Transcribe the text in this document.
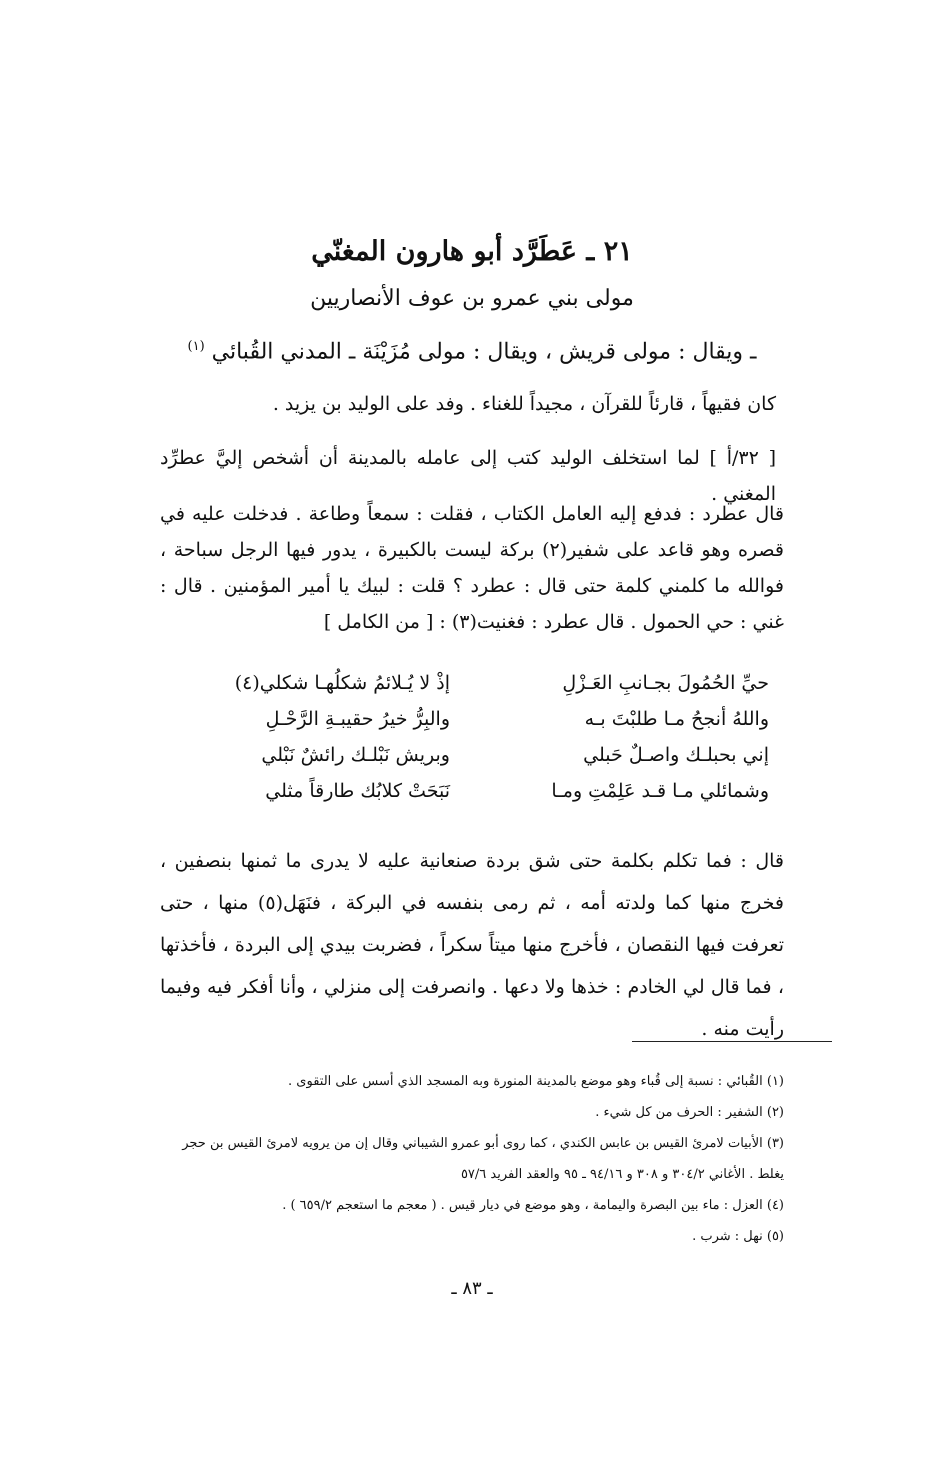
٢١ ـ عَطَرَّد أبو هارون المغنّي
مولى بني عمرو بن عوف الأنصاريين
ـ ويقال : مولى قريش ، ويقال : مولى مُزَيْنَة ـ المدني القُبائي $^{(١)}$
كان فقيهاً ، قارئاً للقرآن ، مجيداً للغناء . وفد على الوليد بن يزيد .
[ ٣٢/أ ] لما استخلف الوليد كتب إلى عامله بالمدينة أن أشخص إليَّ عطرِّد المغني .
قال عطرد : فدفع إليه العامل الكتاب ، فقلت : سمعاً وطاعة . فدخلت عليه في قصره وهو قاعد على شفير(٢) بركة ليست بالكبيرة ، يدور فيها الرجل سباحة ، فوالله ما كلمني كلمة حتى قال : عطرد ؟ قلت : لبيك يا أمير المؤمنين . قال : غني : حي الحمول . قال عطرد : فغنيت(٣) : [ من الكامل ]
حيِّ الحُمُولَ بجـانبِ العَـزْلِ
إذْ لا يُـلائمُ شكلُهـا شكلي(٤)
واللهُ أنجحُ مـا طلبْتَ بـه
والبِرُّ خيرُ حقيبـةِ الرَّحْـلِ
إني بحبلـك واصـلٌ حَبلي
وبريش نَبْلـك رائشٌ نَبْلي
وشمائلي مـا قـد عَلِمْتِ ومـا
نَبَحَتْ كلابُك طارقاً مثلي
قال : فما تكلم بكلمة حتى شق بردة صنعانية عليه لا يدرى ما ثمنها بنصفين ، فخرج منها كما ولدته أمه ، ثم رمى بنفسه في البركة ، فنَهَل(٥) منها ، حتى تعرفت فيها النقصان ، فأخرج منها ميتاً سكراً ، فضربت بيدي إلى البردة ، فأخذتها ، فما قال لي الخادم : خذها ولا دعها . وانصرفت إلى منزلي ، وأنا أفكر فيه وفيما رأيت منه .

(١) القُبائي : نسبة إلى قُباء وهو موضع بالمدينة المنورة وبه المسجد الذي أسس على التقوى .

(٢) الشفير : الحرف من كل شيء .

(٣) الأبيات لامرئ القيس بن عابس الكندي ، كما روى أبو عمرو الشيباني وقال إن من يرويه لامرئ القيس بن حجر يغلط . الأغاني ٣٠٤/٢ و ٣٠٨ و ٩٤/١٦ ـ ٩٥ والعقد الفريد ٥٧/٦

(٤) العزل : ماء بين البصرة واليمامة ، وهو موضع في ديار قيس . ( معجم ما استعجم ٦٥٩/٢ ) .

(٥) نهل : شرب .

ـ ٨٣ ـ
